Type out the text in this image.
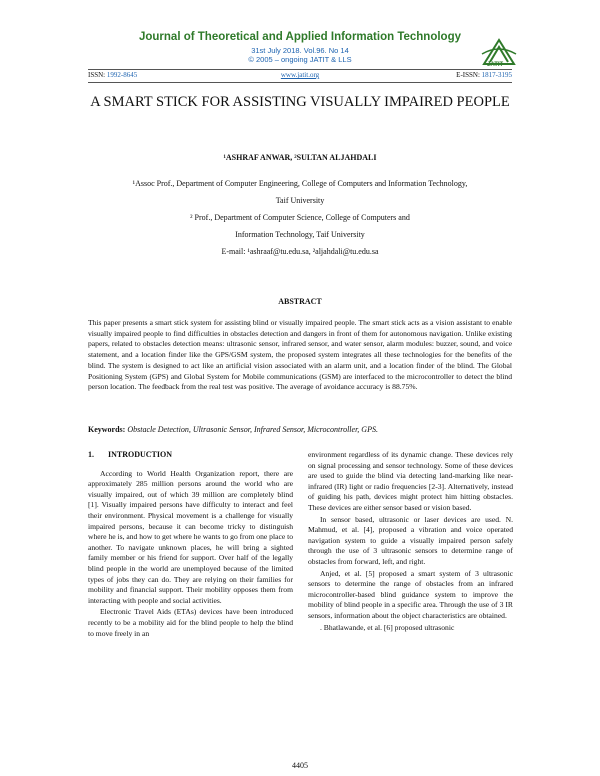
Journal of Theoretical and Applied Information Technology
31st July 2018. Vol.96. No 14
© 2005 – ongoing JATIT & LLS
JATIT
ISSN: 1992-8645	www.jatit.org	E-ISSN: 1817-3195
A SMART STICK FOR ASSISTING VISUALLY IMPAIRED PEOPLE
¹ASHRAF ANWAR, ²SULTAN ALJAHDALI
¹Assoc Prof., Department of Computer Engineering, College of Computers and Information Technology,
Taif University
² Prof., Department of Computer Science, College of Computers and
Information Technology, Taif University
E-mail: ¹ashraaf@tu.edu.sa, ²aljahdali@tu.edu.sa
ABSTRACT
This paper presents a smart stick system for assisting blind or visually impaired people. The smart stick acts as a vision assistant to enable visually impaired people to find difficulties in obstacles detection and dangers in front of them for autonomous navigation. Unlike existing papers, related to obstacles detection means: ultrasonic sensor, infrared sensor, and water sensor, alarm modules: buzzer, sound, and voice statement, and a location finder like the GPS/GSM system, the proposed system integrates all these technologies for the benefits of the blind. The system is designed to act like an artificial vision associated with an alarm unit, and a location finder of the blind. The Global Positioning System (GPS) and Global System for Mobile communications (GSM) are interfaced to the microcontroller to detect the blind person location. The feedback from the real test was positive. The average of avoidance accuracy is 88.75%.
Keywords: Obstacle Detection, Ultrasonic Sensor, Infrared Sensor, Microcontroller, GPS.
1. INTRODUCTION

According to World Health Organization report, there are approximately 285 million persons around the world who are visually impaired, out of which 39 million are completely blind [1]. Visually impaired persons have difficulty to interact and feel their environment. Physical movement is a challenge for visually impaired persons, because it can become tricky to distinguish where he is, and how to get where he wants to go from one place to another. To navigate unknown places, he will bring a sighted family member or his friend for support. Over half of the legally blind people in the world are unemployed because of the limited types of jobs they can do. They are relying on their families for mobility and financial support. Their mobility opposes them from interacting with people and social activities.

Electronic Travel Aids (ETAs) devices have been introduced recently to be a mobility aid for the blind people to help the blind to move freely in an

environment regardless of its dynamic change. These devices rely on signal processing and sensor technology. Some of these devices are used to guide the blind via detecting land-marking like near-infrared (IR) light or radio frequencies [2-3]. Alternatively, instead of guiding his path, devices might protect him hitting obstacles. These devices are either sensor based or vision based.

In sensor based, ultrasonic or laser devices are used. N. Mahmud, et al. [4], proposed a vibration and voice operated navigation system to guide a visually impaired person safely through the use of 3 ultrasonic sensors to determine range of obstacles from forward, left, and right.

Anjed, et al. [5] proposed a smart system of 3 ultrasonic sensors to determine the range of obstacles from an infrared microcontroller-based blind guidance system to improve the mobility of blind people in a specific area. Through the use of 3 IR sensors, information about the object characteristics are obtained.

. Bhatlawande, et al. [6] proposed ultrasonic

4405
